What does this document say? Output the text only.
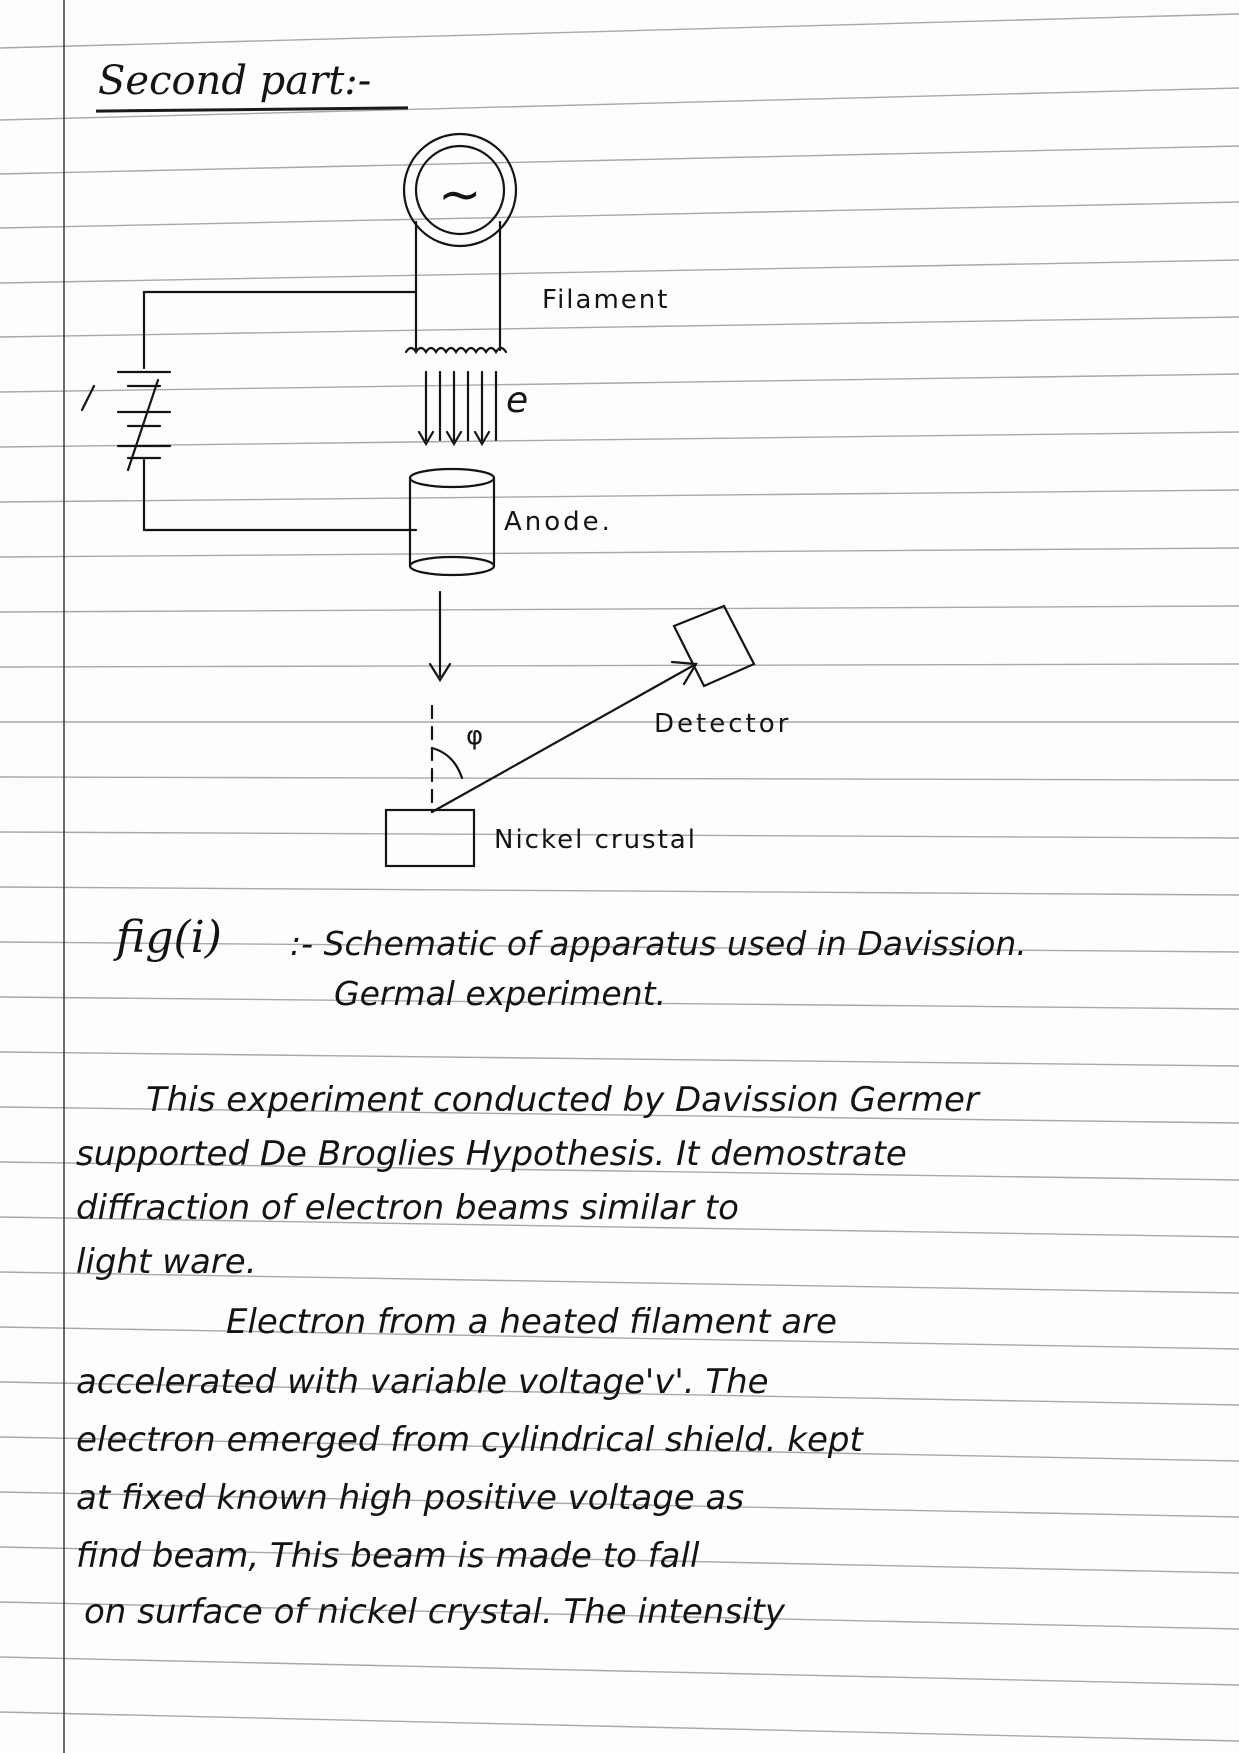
Second part:-
~
Filament
e
Anode.
Detector
φ
Nickel crustal
fig(i) :- Schematic of apparatus used in Davission.
Germal experiment.
This experiment conducted by Davission Germer
supported De Broglies Hypothesis. It demostrate
diffraction of electron beams similar to
light ware.
Electron from a heated filament are
accelerated with variable voltage'v'. The
electron emerged from cylindrical shield. kept
at fixed known high positive voltage as
find beam, This beam is made to fall
on surface of nickel crystal. The intensity
